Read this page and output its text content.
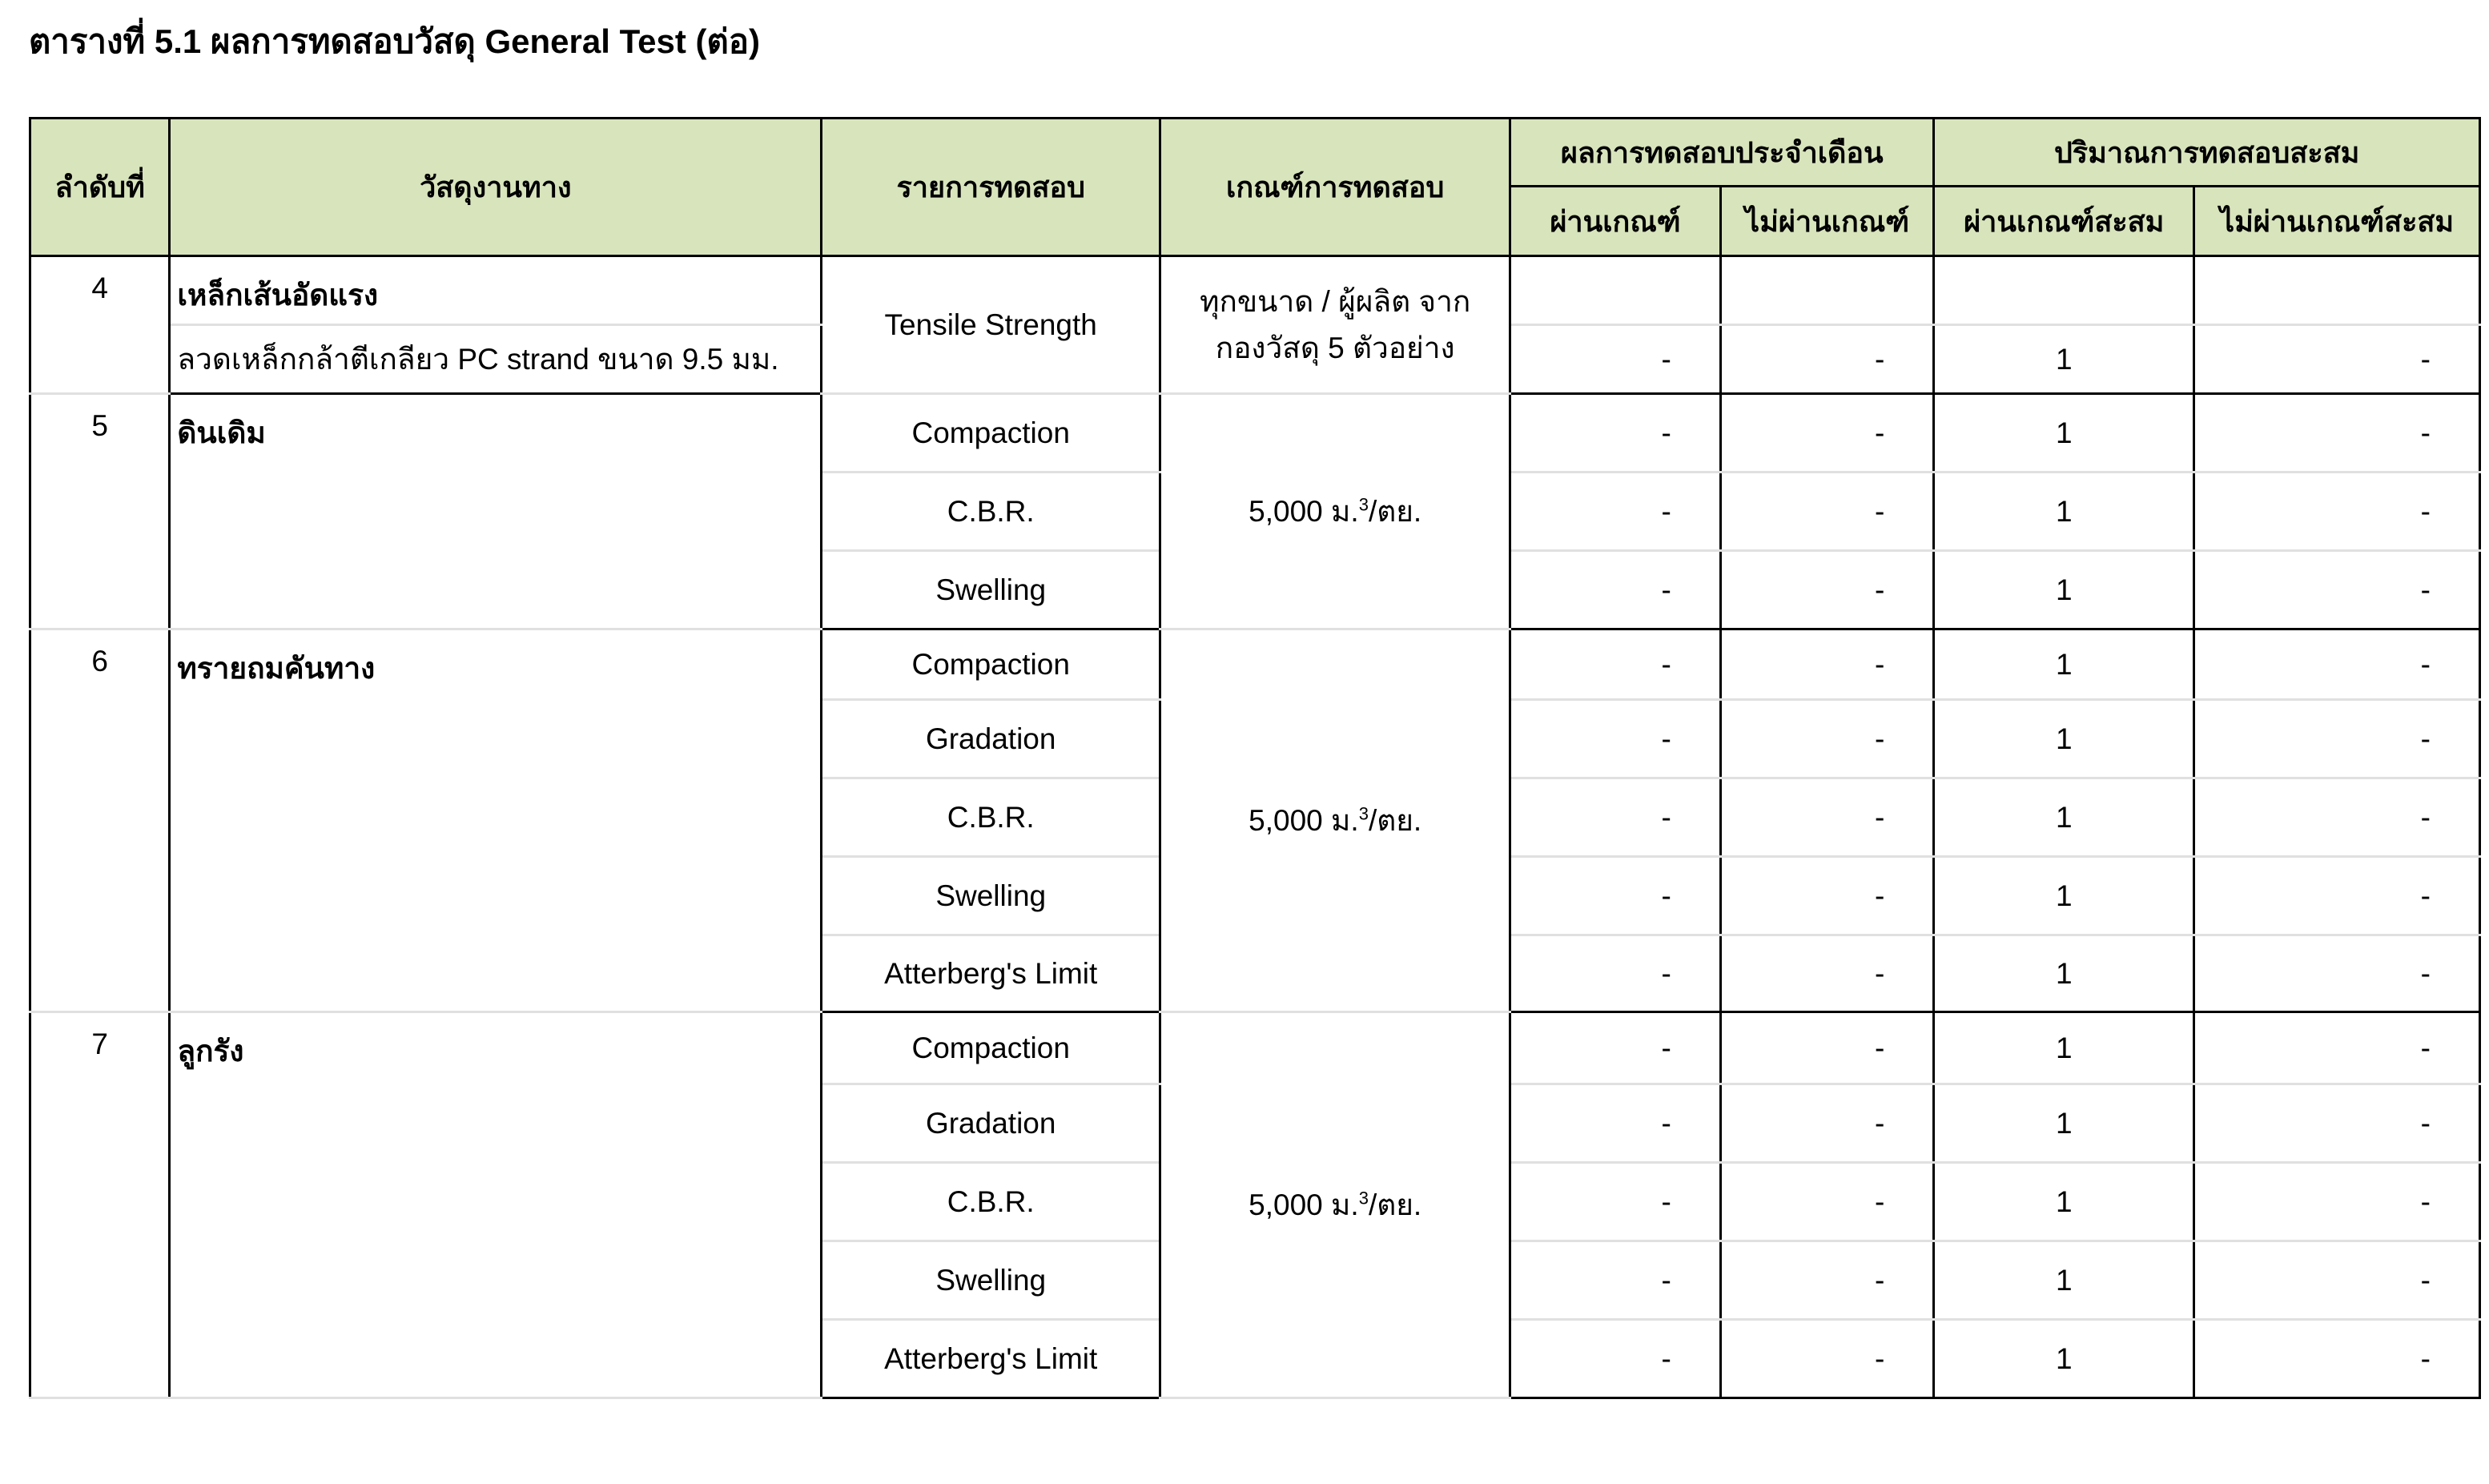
ตารางที่ 5.1 ผลการทดสอบวัสดุ General Test (ต่อ)
ลำดับที่	วัสดุงานทาง	รายการทดสอบ	เกณฑ์การทดสอบ	ผลการทดสอบประจำเดือน		ปริมาณการทดสอบสะสม	
				ผ่านเกณฑ์	ไม่ผ่านเกณฑ์	ผ่านเกณฑ์สะสม	ไม่ผ่านเกณฑ์สะสม
4	เหล็กเส้นอัดแรง	Tensile Strength	ทุกขนาด / ผู้ผลิต จาก
กองวัสดุ 5 ตัวอย่าง				

	ลวดเหล็กกล้าตีเกลียว PC strand ขนาด 9.5 มม.			-	-	1	-
5	ดินเดิม	Compaction	5,000 ม.$^3$/ตย.	-	-	1	-
		C.B.R.		-	-	1	-
		Swelling		-	-	1	-
6	ทรายถมคันทาง	Compaction	5,000 ม.$^3$/ตย.	-	-	1	-
		Gradation		-	-	1	-
		C.B.R.		-	-	1	-
		Swelling		-	-	1	-
		Atterberg's Limit		-	-	1	-
7	ลูกรัง	Compaction	5,000 ม.$^3$/ตย.	-	-	1	-
		Gradation		-	-	1	-
		C.B.R.		-	-	1	-
		Swelling		-	-	1	-
		Atterberg's Limit		-	-	1	-
